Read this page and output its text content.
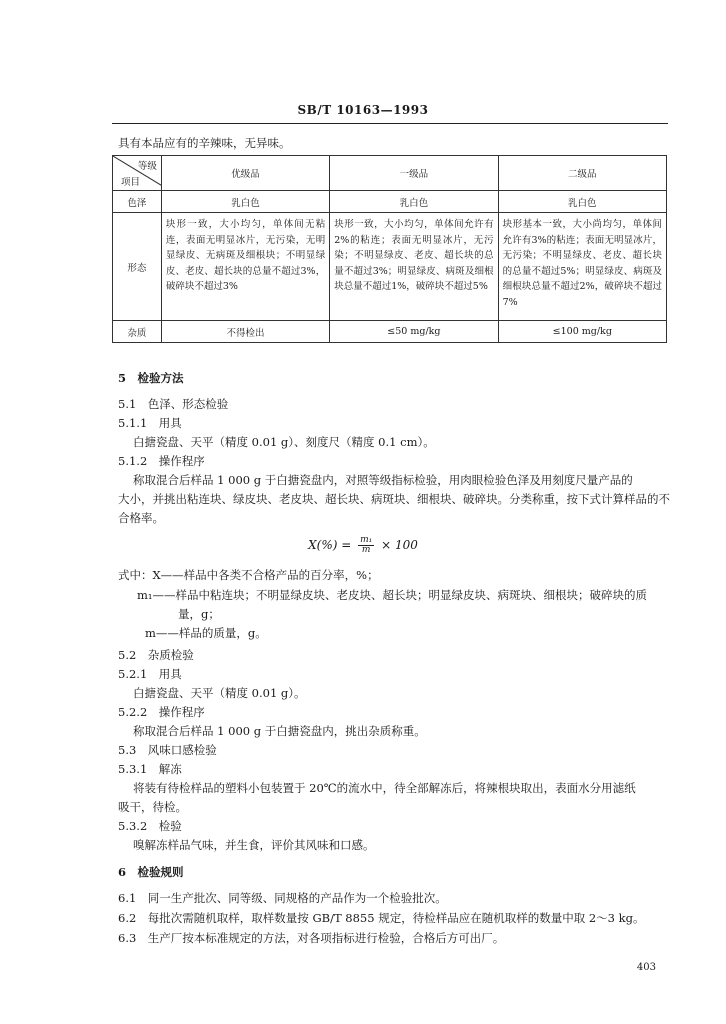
SB/T 10163—1993
具有本品应有的辛辣味，无异味。
等级
项目	优级品	一级品	二级品
色泽	乳白色	乳白色	乳白色
形态	块形一致，大小均匀，单体间无粘连，表面无明显冰片，无污染，无明显绿皮、无病斑及细根块；不明显绿皮、老皮、超长块的总量不超过3%，破碎块不超过3%	块形一致，大小均匀，单体间允许有2%的粘连；表面无明显冰片，无污染；不明显绿皮、老皮、超长块的总量不超过3%；明显绿皮、病斑及细根块总量不超过1%，破碎块不超过5%	块形基本一致，大小尚均匀，单体间允许有3%的粘连；表面无明显冰片，无污染；不明显绿皮、老皮、超长块的总量不超过5%；明显绿皮、病斑及细根块总量不超过2%，破碎块不超过7%
杂质	不得检出	≤50 mg/kg	≤100 mg/kg
5　检验方法
5.1　色泽、形态检验
5.1.1　用具
白搪瓷盘、天平（精度 0.01 g）、刻度尺（精度 0.1 cm）。
5.1.2　操作程序
称取混合后样品 1 000 g 于白搪瓷盘内，对照等级指标检验，用肉眼检验色泽及用刻度尺量产品的
大小，并挑出粘连块、绿皮块、老皮块、超长块、病斑块、细根块、破碎块。分类称重，按下式计算样品的不
合格率。
$X(\%) = \frac{\text{m₁}}{m} \times 100$
式中：X——样品中各类不合格产品的百分率，%；
m₁——样品中粘连块；不明显绿皮块、老皮块、超长块；明显绿皮块、病斑块、细根块；破碎块的质
量，g；
m——样品的质量，g。
5.2　杂质检验
5.2.1　用具
白搪瓷盘、天平（精度 0.01 g）。
5.2.2　操作程序
称取混合后样品 1 000 g 于白搪瓷盘内，挑出杂质称重。
5.3　风味口感检验
5.3.1　解冻
将装有待检样品的塑料小包装置于 20℃的流水中，待全部解冻后，将辣根块取出，表面水分用滤纸
吸干，待检。
5.3.2　检验
嗅解冻样品气味，并生食，评价其风味和口感。
6　检验规则
6.1　同一生产批次、同等级、同规格的产品作为一个检验批次。
6.2　每批次需随机取样，取样数量按 GB/T 8855 规定，待检样品应在随机取样的数量中取 2～3 kg。
6.3　生产厂按本标准规定的方法，对各项指标进行检验，合格后方可出厂。
403
